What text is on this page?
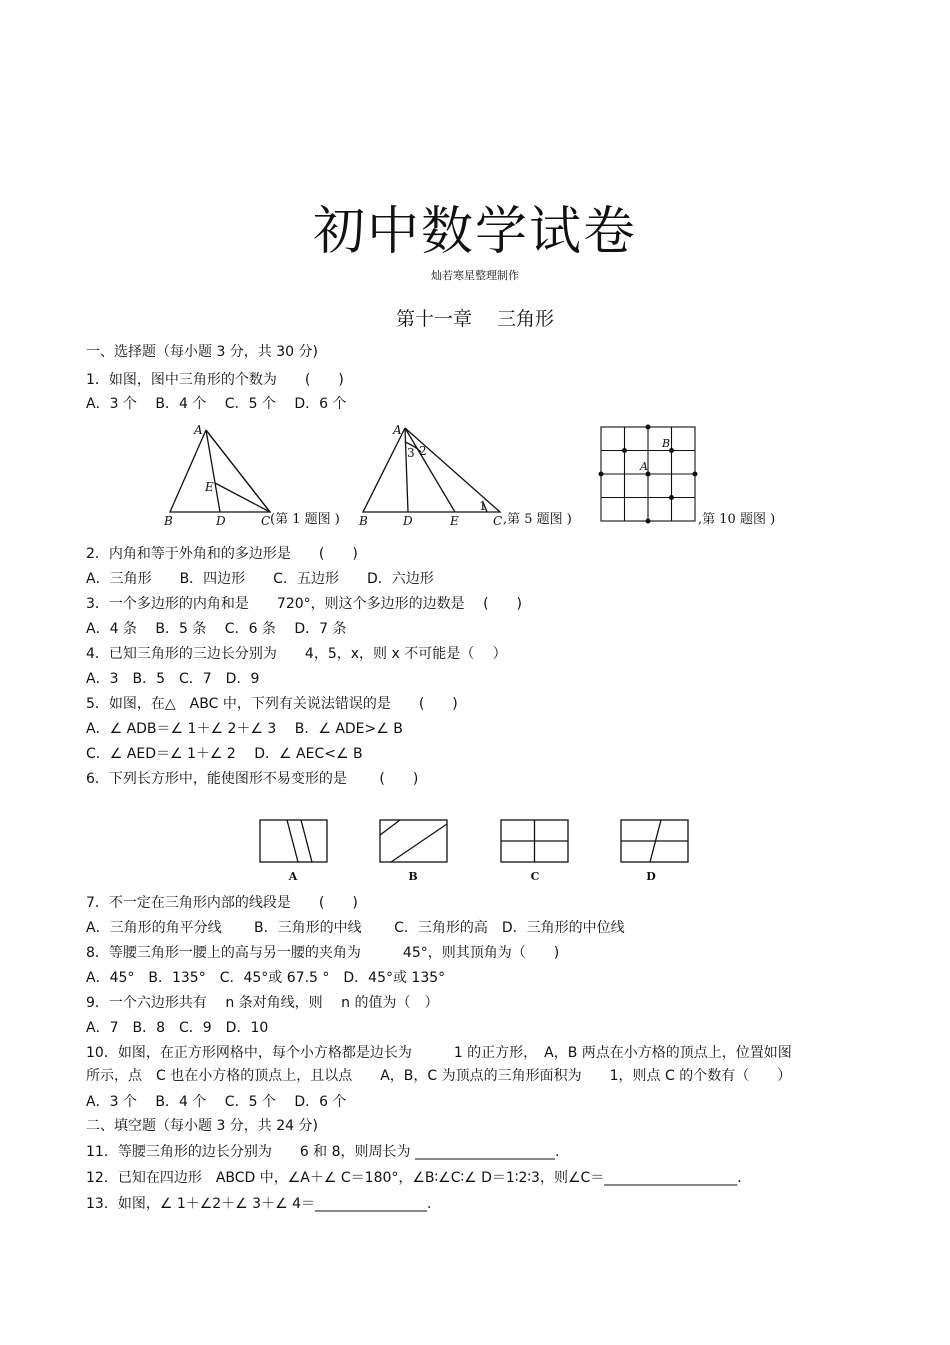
初中数学试卷
灿若寒星整理制作
第十一章　 三角形
一、选择题（每小题 3 分，共 30 分)
1．如图，图中三角形的个数为　　(　　)
A．3 个　 B．4 个　 C．5 个　 D．6 个
A
B	D	C
E
(第 1 题图 )
A
B	D	E	C
3 2
1
,第 5 题图 )
A
B
,第 10 题图 )
2．内角和等于外角和的多边形是　　(　　)
A．三角形　　B．四边形　　C．五边形　　D．六边形
3．一个多边形的内角和是　　720°，则这个多边形的边数是　 (　　)
A．4 条　 B．5 条　 C．6 条　 D．7 条
4．已知三角形的三边长分别为　　4，5，x，则 x 不可能是（　 ）
A．3　B．5　C．7　D．9
5．如图，在△　ABC 中，下列有关说法错误的是　　(　　)
A．∠ ADB＝∠ 1＋∠ 2＋∠ 3　 B．∠ ADE>∠ B
C．∠ AED＝∠ 1＋∠ 2　 D．∠ AEC<∠ B
6．下列长方形中，能使图形不易变形的是　　 (　　)
A	B	C	D
7．不一定在三角形内部的线段是　　(　　)
A．三角形的角平分线　　 B．三角形的中线　　 C．三角形的高　D．三角形的中位线
8．等腰三角形一腰上的高与另一腰的夹角为　　　45°，则其顶角为（　　)
A．45°　B．135°　C．45°或 67.5 °　D．45°或 135°
9．一个六边形共有　 n 条对角线，则　 n 的值为（　）
A．7　B．8　C．9　D．10
10．如图，在正方形网格中，每个小方格都是边长为　　　1 的正方形，　A，B 两点在小方格的顶点上，位置如图
所示，点　C 也在小方格的顶点上，且以点　　A，B，C 为顶点的三角形面积为　　1，则点 C 的个数有（　　）
A．3 个　 B．4 个　 C．5 个　 D．6 个
二、填空题（每小题 3 分，共 24 分)
11．等腰三角形的边长分别为　　6 和 8，则周长为 ____________________.
12．已知在四边形　ABCD 中，∠A＋∠ C＝180°，∠B∶∠C∶∠ D＝1∶2∶3，则∠C＝___________________.
13．如图，∠ 1＋∠2＋∠ 3＋∠ 4＝________________.
